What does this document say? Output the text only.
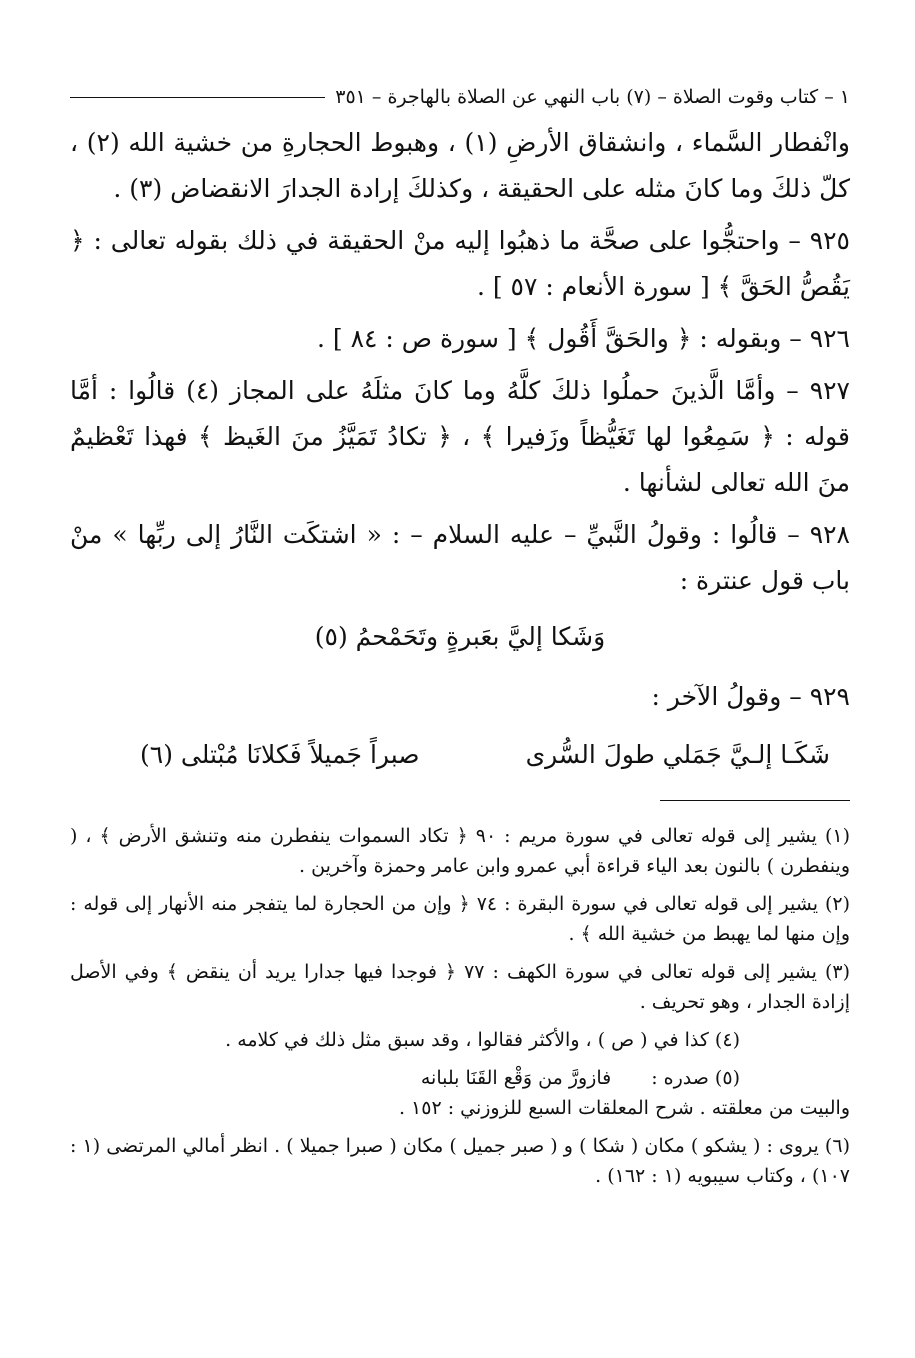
١ – كتاب وقوت الصلاة – (٧) باب النهي عن الصلاة بالهاجرة – ٣٥١

وانْفطار السَّماء ، وانشقاق الأرضِ (١) ، وهبوط الحجارةِ من خشية الله (٢) ، كلّ ذلكَ وما كانَ مثله على الحقيقة ، وكذلكَ إرادة الجدارَ الانقضاض (٣) .

٩٢٥ – واحتجُّوا على صحَّة ما ذهبُوا إليه منْ الحقيقة في ذلك بقوله تعالى : ﴿ يَقُصُّ الحَقَّ ﴾ [ سورة الأنعام : ٥٧ ] .

٩٢٦ – وبقوله : ﴿ والحَقَّ أَقُول ﴾ [ سورة ص : ٨٤ ] .

٩٢٧ – وأمَّا الَّذينَ حملُوا ذلكَ كلَّهُ وما كانَ مثلَهُ على المجاز (٤) قالُوا : أمَّا قوله : ﴿ سَمِعُوا لها تَغَيُّظاً وزَفيرا ﴾ ، ﴿ تكادُ تَمَيَّزُ منَ الغَيظ ﴾ فهذا تَعْظيمٌ منَ الله تعالى لشأنها .

٩٢٨ – قالُوا : وقولُ النَّبيِّ – عليه السلام – : « اشتكَت النَّارُ إلى ربِّها » منْ باب قول عنترة :

وَشَكا إليَّ بعَبرةٍ وتَحَمْحمُ (٥)

٩٢٩ – وقولُ الآخر :

شَكَـا إلـيَّ جَمَلي طولَ السُّرى
صبراً جَميلاً فَكلانَا مُبْتلى (٦)

(١) يشير إلى قوله تعالى في سورة مريم : ٩٠ ﴿ تكاد السموات ينفطرن منه وتنشق الأرض ﴾ ، ( وينفطرن ) بالنون بعد الياء قراءة أبي عمرو وابن عامر وحمزة وآخرين .

(٢) يشير إلى قوله تعالى في سورة البقرة : ٧٤ ﴿ وإن من الحجارة لما يتفجر منه الأنهار إلى قوله : وإن منها لما يهبط من خشية الله ﴾ .

(٣) يشير إلى قوله تعالى في سورة الكهف : ٧٧ ﴿ فوجدا فيها جدارا يريد أن ينقض ﴾ وفي الأصل إزادة الجدار ، وهو تحريف .

(٤) كذا في ( ص ) ، والأكثر فقالوا ، وقد سبق مثل ذلك في كلامه .

(٥) صدره :
فازورَّ من وَقْع القَنَا بلبانه

والبيت من معلقته . شرح المعلقات السبع للزوزني : ١٥٢ .

(٦) يروى : ( يشكو ) مكان ( شكا ) و ( صبر جميل ) مكان ( صبرا جميلا ) . انظر أمالي المرتضى (١ : ١٠٧) ، وكتاب سيبويه (١ : ١٦٢) .
